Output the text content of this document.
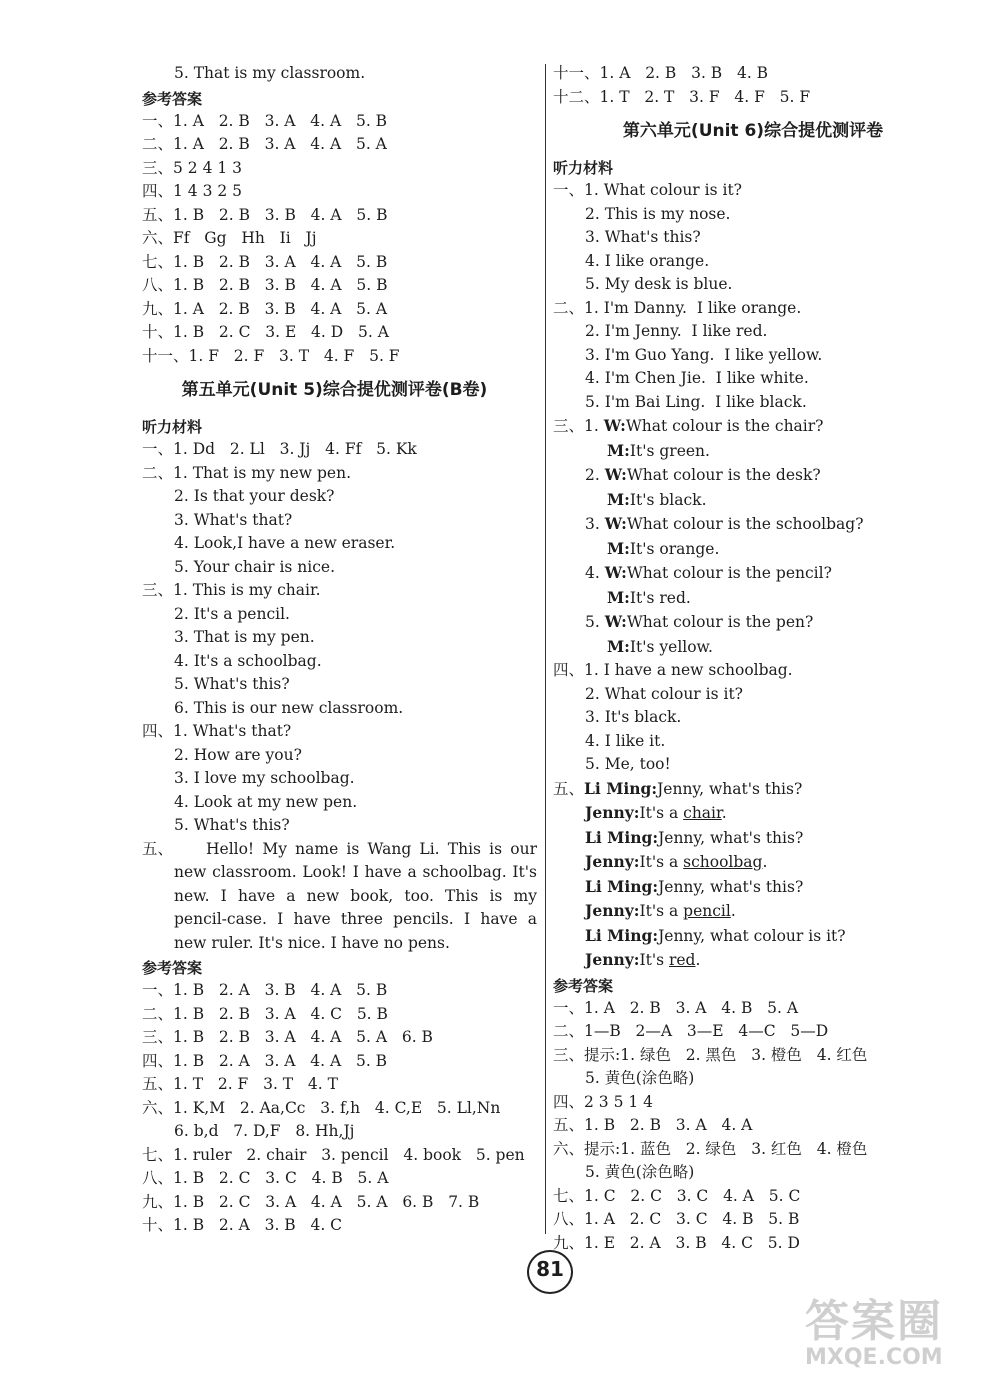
5. That is my classroom.
参考答案
一、1. A   2. B   3. A   4. A   5. B
二、1. A   2. B   3. A   4. A   5. A
三、5 2 4 1 3
四、1 4 3 2 5
五、1. B   2. B   3. B   4. A   5. B
六、Ff   Gg   Hh   Ii   Jj
七、1. B   2. B   3. A   4. A   5. B
八、1. B   2. B   3. B   4. A   5. B
九、1. A   2. B   3. B   4. A   5. A
十、1. B   2. C   3. E   4. D   5. A
十一、1. F   2. F   3. T   4. F   5. F
第五单元(Unit 5)综合提优测评卷(B卷)
听力材料
一、1. Dd   2. Ll   3. Jj   4. Ff   5. Kk
二、1. That is my new pen.
2. Is that your desk?
3. What's that?
4. Look,I have a new eraser.
5. Your chair is nice.
三、1. This is my chair.
2. It's a pencil.
3. That is my pen.
4. It's a schoolbag.
5. What's this?
6. This is our new classroom.
四、1. What's that?
2. How are you?
3. I love my schoolbag.
4. Look at my new pen.
5. What's this?
五、 Hello! My name is Wang Li. This is our new classroom. Look! I have a schoolbag. It's new. I have a new book, too. This is my pencil-case. I have three pencils. I have a new ruler. It's nice. I have no pens.
参考答案
一、1. B   2. A   3. B   4. A   5. B
二、1. B   2. B   3. A   4. C   5. B
三、1. B   2. B   3. A   4. A   5. A   6. B
四、1. B   2. A   3. A   4. A   5. B
五、1. T   2. F   3. T   4. T
六、1. K,M   2. Aa,Cc   3. f,h   4. C,E   5. Ll,Nn
6. b,d   7. D,F   8. Hh,Jj
七、1. ruler   2. chair   3. pencil   4. book   5. pen
八、1. B   2. C   3. C   4. B   5. A
九、1. B   2. C   3. A   4. A   5. A   6. B   7. B
十、1. B   2. A   3. B   4. C
十一、1. A   2. B   3. B   4. B
十二、1. T   2. T   3. F   4. F   5. F
第六单元(Unit 6)综合提优测评卷
听力材料
一、1. What colour is it?
2. This is my nose.
3. What's this?
4. I like orange.
5. My desk is blue.
二、1. I'm Danny.  I like orange.
2. I'm Jenny.  I like red.
3. I'm Guo Yang.  I like yellow.
4. I'm Chen Jie.  I like white.
5. I'm Bai Ling.  I like black.
三、1. W:What colour is the chair?
M:It's green.
2. W:What colour is the desk?
M:It's black.
3. W:What colour is the schoolbag?
M:It's orange.
4. W:What colour is the pencil?
M:It's red.
5. W:What colour is the pen?
M:It's yellow.
四、1. I have a new schoolbag.
2. What colour is it?
3. It's black.
4. I like it.
5. Me, too!
五、Li Ming:Jenny, what's this?
Jenny:It's a chair.
Li Ming:Jenny, what's this?
Jenny:It's a schoolbag.
Li Ming:Jenny, what's this?
Jenny:It's a pencil.
Li Ming:Jenny, what colour is it?
Jenny:It's red.
参考答案
一、1. A   2. B   3. A   4. B   5. A
二、1—B   2—A   3—E   4—C   5—D
三、提示:1. 绿色   2. 黑色   3. 橙色   4. 红色
5. 黄色(涂色略)
四、2 3 5 1 4
五、1. B   2. B   3. A   4. A
六、提示:1. 蓝色   2. 绿色   3. 红色   4. 橙色
5. 黄色(涂色略)
七、1. C   2. C   3. C   4. A   5. C
八、1. A   2. C   3. C   4. B   5. B
九、1. E   2. A   3. B   4. C   5. D
81
答案圈
MXQE.COM
